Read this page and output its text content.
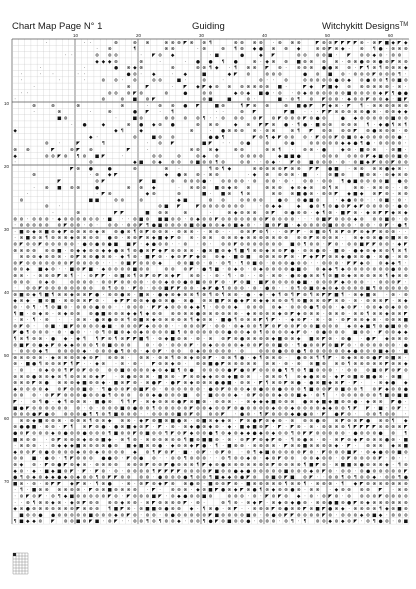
Chart Map Page N° 1	Guiding	Witchykitt Designs™
10	20	30	40	50	60
10
20
30
40
50
60
70
·	· ·	⊗	⊗ ⊗	⊗ ⊗ ⊗ ◤ ⊗ ⊗ ¶	⊗ ⊗ ⊗ ⊗ · ⊗ ⊗ ⊗	◤ ⊗ ⊗ ◤ ◤ ◤ ◤ ⊗ · ⊗ ◤ ■ ◆ ◤ ◆
· ⊗	¶	⊗ ⊗	· ⊗	⊗ ¶ ⊗ ◆ ● ⊗ ⊗ ◆	⊗ ⊗ ◤ ⊗ ◆ · ⊗ ¶ ● · ⊗ ⊗ ⊗
· ·	⊗ ⊗ ⊗	· ◤ ⊗ ◆	· ■	●	◆ ◤	⊗ ⊗ ⊗ ⊗ ■ · ◤ ⊗ ⊗ ◆ ⊗ · ⊗ ⊗
◆ ◆ ◆ ⊗	⊗	·	· ● ● ¶ ●	⊗ · ◆ ⊗ ⊗ ■ ⊗ ⊗ ⊗ ⊗ · ⊗ ⊗ ● ⊗ ⊗ ● ⊗ ◤ ⊗ ⊗
·	·	● ⊗ ◆ ⊗	⊗	⊗ ⊗ ¶ ◆ · ¶ ⊗ ⊗ ◤ ⊗ · ⊗ ⊗ ⊗ ● ● ⊗ ⊗ · ◤ ¶ ⊗ ¶ ⊗ ⊗ ⊗ ◆
·	· ·	· ·	● ⊗ · ◆	· ◆	■	◆ ◤ ⊗	⊗ ⊗ ⊗	● ⊗ ■ ⊗ · ⊗ ⊗ ⊗ ◤ ⊗ ⊗ ⊗ ¶ ·
·	·	·	⊗ ⊗ · ⊗	⊗ ⊗	■ ·	⊗	·	⊗ · · ⊗	⊗ ⊗ ⊗ ⊗ ⊗ ● ⊗ ◆ ⊗ ● ⊗ ⊗ ¶ ⊗ ■ ⊗
·	⊗	◤	· ◤ ◆ ◤ ◆ ⊗ ⊗ ⊗ ⊗ ⊗ ⊗ ⊗ ■ ·	◤ ◆ ◤ ■ ◆ ⊗ ⊗ ⊗ ⊗ ⊗ ⊗ · ⊗ ·
· ·	⊗ ⊗ ⊗ ◤ ⊗	⊗	●	⊗ ⊗	◆ ⊗ ◆ ■ ● · ⊗ · ⊗ ◆ ⊗ ⊗ ⊗ ⊗ ⊗ ⊗ ■ ⊗ ⊗ ⊗ ⊗ ◆ ◤ ¶ ● ●
·	⊗	⊗ ■ ⊗ ◤	⊗ ■	■	⊗ ·	■ · ⊗ ¶ ⊗ ◤ ⊗ ⊗ · ◆ ⊗ ⊗ ◤ ⊗ ⊗ ◆ · ■ ◤
⊗	⊗	⊗	⊗	· ⊗ ⊗ ● ◤	■ ⊗	¶ ◤ ⊗ ⊗	⊗ ■ ● ◤ ◤ ◆ ⊗ · ◤ ¶ · ⊗ ⊗ ⊗ ⊗ ⊗ ⊗
·	⊗	·	⊗	● ◤ · ¶	· ·	⊗ ◤	◤ ■ · · · ◤ ◤ ⊗ ⊗ ⊗ ⊗ ⊗ ● ⊗ · ⊗ ⊗ ◆ ◆
■ ⊗	·	■ ⊗	⊗ ⊗ ⊗ ⊗ ¶ · · ⊗ ⊗ ⊗ ⊗ ◤ ⊗ ◤ ⊗ ⊗ ⊗ ◤ ⊗ ● ⊗	● ◆ ⊗ ⊗ ⊗ ⊗ ⊗ ■ ⊗ ⊗
· ●	◆	⊗ ● ◆ ⊗ ●	⊗ ⊗ ⊗	◆ ⊗ ◤ ◤ ⊗ ● · ¶ ● · ■ ⊗ ⊗ ⊗ ⊗ ⊗ ¶ · ◆ ● ¶ ⊗ ¶
◆	◆ ¶	◆	⊗	· ● ⊗ ⊗ ⊗ ⊗ · ⊗ ⊗	⊗ ¶ ◤ ⊗ ⊗ ⊗ ⊗ ◤ ⊗ ● ⊗ ⊗ ⊗ · ⊗
◆ ·	⊗	■ ⊗ ⊗	● ● ¶	◤ ⊗ ¶ ◆ ◤ ⊗ ⊗ ⊗ · ◤ ⊗ ⊗ ◤ ⊗ ■ ⊗ ◆ ⊗ ⊗ ⊗ ⊗ ⊗ ● ·
⊗ ·	◤	¶	· ⊗ ◤	■ ◤ · · ⊗ ●	⊗	⊗ ●	⊗ ⊗ ⊗ ⊗ ⊗ ◆ ◆ ● ¶ ● · ⊗ ⊗ ⊗ ⊗ ·
⊗ ⊗	◤	⊗ ◤ ⊗	◤	·	⊗ ⊗ ⊗ ◆	⊗ ⊗	⊗ ⊗ ¶ · ⊗ ⊗ · ●	◆ ⊗ · ■ ⊗ ⊗ · ⊗ ■ ·
◆	⊗ ⊗ ◤ ⊗ ¶ ⊗ ■ ◤	·	⊗ ⊗	⊗	⊗ ◆ ⊗	⊗ ⊗ ⊗ ⊗	◆ ■ ■ ●	⊗ ⊗ ⊗ ⊗ ⊗ ⊗ ◤ ◆ ■ ⊗ ⊗ ■ ⊗
·	⊗	◆ ■ ⊗ ◆ ⊗ ⊗ ⊗ ■ ⊗ ⊗ ¶ ⊗	⊗ ⊗ · · ⊗ ◆ · ◤ ⊗ ■ ⊗ ⊗ ⊗ · ⊗ · ⊗ ■ ◆ ◤ ⊗ ⊗ ◤ ⊗ ⊗
◤ ⊗ ●	●	⊗	⊗ ·	¶ ⊗ ¶ ◆	⊗ ⊗ ⊗ ⊗ ⊗ ◤ ⊗ ⊗ ◤ ◤ ● ■ · ⊗ ⊗ ⊗ ⊗ ● ◆ ⊗ ·
⊗	· ⊗ ◆ ◤	◆ ● ⊗ ⊗ · ⊗ ⊗	· ◆ ⊗ ⊗ ⊗ ⊗ · ■ · ⊗ ■ ⊗	■ ⊗ ⊗ · ⊗ ◆ ⊗ ⊗
◤	⊗ ◤	◤ ■	⊗ ⊗ ⊗ ⊗ ● · ⊗ ⊗ ⊗ ⊗ · ⊗ ⊗ ⊗ · ⊗ · ⊗ ⊗ · ⊗ ⊗ ¶ ● ■ ⊗ ⊗ ⊗ ⊗ ■ ● ⊗
· ⊗ ■ ⊗ ⊗	●	⊗ ⊗ ◆	· ⊗ ⊗ ⊗ ■ ⊗ ◆ ⊗ ⊗	⊗ ⊗ ⊗ ◆ ⊗ ◆ ⊗ ⊗ ¶ ⊗	⊗ ⊗ · ⊗ ⊗ ⊗ · · ⊗
·	· ◤ ⊗	◆ ⊗	⊗	■ · ■ ⊗ ¶ ⊗	⊗ ⊗ ⊗ ■ ● ⊗ · ⊗ ⊗ ◤ ◆ ■ ◆ ⊗ ◤ ⊗ · ⊗ ⊗
⊗	■ ■	⊗ ⊗	⊗	◆ ■	⊗ ⊗	⊗ ⊗ ⊗ ⊗	● ⊗ ⊗ ● ■ ⊗	· ◆ ● ⊗ ⊗ · · ⊗ ■ · ⊗ ·
⊗ ·	⊗ ■ ◤	◤ ⊗ ⊗ ⊗ ⊗ ⊗ ⊗ ⊗	· ⊗ ◆ ◆	◆ ● ⊗ ¶ ⊗ ● ⊗ ◤ ◆ ◤ ⊗ ⊗ ⊗ ⊗ · ● ⊗
·	⊗	◤ ◤	■ ⊗ ⊗	⊗	·	⊗ ◆ ⊗ ⊗ ⊗ ⊗ ◤ ⊗ ● ⊗ ⊗ · ◆ ¶ ⊗ · ■ ◤ ⊗ · ◆ ⊗ ◤ ◤ ◆ ⊗ ◆
⊗ ⊗ · ⊗ ⊗ ⊗ · ◆ ⊗ ⊗ ⊗ ⊗ ⊗ ⊗ · ■ · · ⊗ ■ ⊗ ■ ■ ⊗ ⊗ · ⊗ ◆ ⊗ ⊗ ◤ ⊗ ⊗ ⊗ ⊗ ⊗ ⊗ ⊗ ◤ ⊗ ⊗ ⊗ ⊗ · · · ⊗ ■ ◤ ⊗ ⊗ ⊗ ◆ ⊗ ⊗ ⊗ ■ ⊗ · ⊗
· ⊗ ⊗ ⊗ ⊗ ⊗ ⊗ ◤ ⊗ ⊗ · ⊗ · ⊗ ⊗ · ⊗ ⊗ ◤ ¶ ● ■ ⊗ ⊗ ⊗ ⊗ ■ ⊗ ● ⊗ ⊗ ◆ ⊗ ■ ◆ ⊗ · · ■ ⊗ ◤ ■ · ◆ ⊗ ⊗ ⊗ ⊗ ■ ⊗ ⊗ ⊗ · ⊗ ⊗ · ⊗ ◤ · ● ¶
· ■ ⊗ ◆ ⊗ ■ ⊗ ◆ ◤ ⊗ ⊗ ⊗ ⊗ ◆ ⊗ ⊗ ● ⊗ ¶ ⊗ ◤ ⊗ ⊗ ⊗ · ⊗ ⊗ ⊗ · · ⊗ ⊗ · · ⊗ ⊗ ◤ ⊗ ¶ · · ⊗ ◤ ◤ · ⊗ ■ ⊗ ¶ ⊗ ◤ ⊗ ◤ ⊗ ◆ ◤ ⊗ ⊗ ⊗ · ·
· ⊗ ■ ⊗ ⊗ ¶ ⊗ ⊗ ⊗ ◆ ⊗ ⊗ ⊗ ⊗ ● ⊗ · ⊗ ⊗ ◤ ⊗ ◆ ■ ◆ ◤ ⊗ ⊗ · ⊗ ⊗ ⊗ ⊗ ⊗ ◆ ⊗ ⊗ ⊗ ⊗ ⊗ ⊗ ⊗ ⊗ ⊗ ◤ ⊗ ⊗ ⊗ ⊗ · ⊗ ◆ ⊗ ⊗ ● ⊗ ■ ⊗ ⊗
⊗ ◤ ⊗ ⊗ ◤ ⊗ ⊗ ⊗ ⊗ ⊗ · ● ⊗ ● ⊗ ● ■ ■ ◤ · ◆ ● ⊗ ⊗ · · ⊗ · ⊗ · ⊗ ⊗ ◤ ⊗ ⊗ ⊗ ⊗ ⊗ ⊗ ⊗ ■ ⊗ ¶ ⊗ ⊗ · ◤ ⊗ · ⊗ ⊗ ■ ◤ ◤ ⊗ ⊗ · ◆ ◤
⊗ ⊗ ⊗ ⊗ ⊗ ⊗ ■ · ⊗ ◆ ◆ ⊗ ⊗ ◆ ◆ ● ⊗ ¶ ⊗ ● ⊗ ◤ ◆ ◤ ⊗ ⊗ ⊗ ⊗ · ● ⊗ ■ ⊗ ◆ ¶ ■ ¶ ⊗ ⊗ ◆ ⊗ ⊗ ◤ ● · ⊗ ⊗ ● ⊗ · ■ ⊗ · ● ◆ ⊗ ◆ ⊗ ⊗ ¶ ⊗ ¶
⊗ ⊗ ⊗ ◆ ⊗ ⊗ ⊗ · ⊗ ◤ ⊗ ⊗ ● ⊗ ⊗ · ◆ ¶ ⊗ · ■ ◤ ⊗ · ◆ ⊗ ◤ ◤ ◆ ⊗ ⊗ ◆ · ■ ⊗ ■ ⊗ ⊗ ⊗ ⊗ ◤ ⊗ · ◤ ◆ ◤ ◤ ⊗ ⊗ ◆ ● ⊗ ⊗ ● · ⊗ ● · ⊗ ⊗
⊗ ◤ ⊗ ⊗ ⊗ ⊗ ⊗ ⊗ ⊗ ◤ ⊗ ⊗ ⊗ ⊗ · · · ⊗ ■ ◤ ⊗ ⊗ ⊗ ◆	⊗ ⊗ ■ ⊗ · ⊗ · ⊗ ¶ · ¶ ⊗ ■ ⊗ · ⊗ ⊗ ⊗ ● ⊗ ⊗ · · ⊗ ⊗ ⊗ · ◤ ◤ ◆ ⊗ ⊗ ◆ ◆ ¶ ·
⊗ ⊗ ◆ ■ ◆ ⊗ · · ■ ⊗ ◤ ■ · ◆ ⊗ ⊗ ⊗ ⊗ ■ ⊗ ⊗	⊗ ⊗ ⊗ ◤ · ● ¶ ■ · ⊗ ◆ ⊗ · ⊗ ◆ ⊗ ⊗ ⊗ ⊗ ● ■ ⊗ ⊗ ◆ ◆ ¶ ◆ ⊗ ⊗ ⊗ ⊗ ⊗ ⊗ ⊗ ● ⊗ ⊗
⊗ ⊗ · · ⊗ ⊗ ⊗ ◤ ⊗ ¶ · · ⊗ ◤ ◤ · ⊗ ■ ⊗ ¶ ⊗ ◤ ⊗ ◤ ⊗ ◆ ◤ ⊗ ⊗ · · ⊗ · ¶ · ⊗ · · ⊗ · ⊗ ⊗ · ● ⊗ ● ⊗ ⊗ ¶ ⊗ ■ ⊗ ◆ ⊗ ⊗ ⊗ ⊗ ⊗ ¶ ◆ ⊗ ⊗
⊗ ⊗ ⊗ ⊗ ◆ ⊗	⊗ ⊗ ⊗ ⊗ · ⊗ ⊗ ◤ ⊗ ⊗ ⊗ ⊗ · ⊗ ⊗ ◆ ⊗ ⊗ ● ⊗ ■ ⊗ ⊗ ◤ ⊗ · ◤ ⊗ ■ · ■ ◤ ⊗ ⊗ ⊗ ⊗ ● ■ · ⊗ ⊗ ⊗ ◤ ◆ ⊗ ⊗ ⊗ · · ⊗ ⊗ ⊗ ◤ ·
· ⊗ ⊗ ◤ ⊗ ⊗ ⊗ ⊗ ⊗ ⊗ ⊗ ⊗ ⊗ ¶ ⊗ ⊗ · ◤ ⊗ · ⊗ ⊗ ■ ◤ ◤ ⊗ ⊗ · ◆ ◤ ● ¶ ⊗ ⊗ ⊗ · ⊗ · ● ⊗ · · ⊗ ¶ ⊗ ■ ⊗ ◆ ⊗ ◆ ⊗ ⊗ ⊗ ⊗ ■ ¶ ⊗ ⊗ ⊗ ⊗ ⊗
⊗ ■ ⊗ ◆ ¶ ■ ¶ ⊗ ⊗ ◆ ⊗ ⊗ ◤ ● · ⊗ ⊗ ● ⊗ · ■ ⊗ · ● ◆ ⊗ ◆ ⊗ ⊗ ¶ ⊗ ¶ ⊗ ¶ ⊗ ⊗ · ● · ◆ · ◆ ¶ ⊗ ¶ ◤ ⊗ ¶ ⊗ ◤ ◤ ■ ¶ · ⊗ ◆ ■ ⊗ · ⊗ · ⊗
◆ ⊗ ◆ · ■ ⊗ ■ · ⊗ ⊗ ⊗ ⊗ ◤ ⊗ · ◆ ◤ ◤ ⊗ ⊗ ◆ ● ⊗ ⊗ ● · ⊗ ● ⊗ ⊗ ■ ◤ ⊗ ● ◆ ◤ ⊗ ◆ ◆ ⊗ ⊗ ⊗ ¶ ⊗ ■ ⊗ ⊗ ⊗ ◤ ⊗ ⊗ · ⊗ · ⊗ ⊗ ⊗ ◤ · ⊗ ◆
⊗ · ⊗ ¶ · ¶ ⊗ ■ ⊗ · ⊗ ⊗ ⊗ ● ⊗ ⊗ · · ⊗ ⊗ ⊗ · ◤ ◤ ◆ ⊗ ⊗ ⊗ ◆ ◆ ¶ · ⊗ ⊗ ⊗ ◆ ⊗ ⊗ ⊗ ⊗ ◆ · ⊗ ⊗ ⊗ ● ¶ ⊗ ⊗ · ◆ ⊗ ◤ · ⊗ ⊗ ◆ ⊗ ◆ ⊗ ⊗
¶ ■ · ⊗ ◆ ⊗ · ⊗ ◆ ⊗ ⊗ ⊗ ● ■ ⊗ ⊗ ⊗ ◆ ◆ ¶ ◆ ⊗ ⊗ ⊗ ⊗ ⊗ ⊗ ● ⊗ ⊗ ⊗ ⊗ ⊗ ⊗ · ◆ ⊗ ⊗ ⊗ ⊗ ◆ ⊗ ◤ ◆ ⊗ ⊗ ⊗ · ⊗ ⊗ ⊗ · ⊗ ⊗ ¶ ⊗ ⊗ ◆ ⊗ ⊗ ◤
· ⊗ · ¶ · ⊗ · · ⊗ ⊗ · ● ⊗ ● ⊗ ⊗ ¶ ⊗ ■ ⊗ ◆ ⊗ ⊗ ⊗ ⊗ ⊗ ¶ ◆ ⊗ ⊗ · ■ ● ¶ ⊗ ⊗ ⊗ ◤ ¶ ◤ · · ◆ ⊗ ◤ · ⊗ · ⊗ · ⊗ ◤ ⊗ ⊗ ◆ ⊗ · ⊗ ⊗ ⊗ ■
⊗ ◤ ⊗ · ⊗ ■ · ■ ◤ ⊗ ⊗ ⊗ ⊗ ● ■ · ⊗ ⊗ ⊗ ◤ ◆ ⊗ ⊗ ⊗ · · ⊗ ⊗ ⊗ ◤ · ⊗ ⊗ · ⊗ ◆ ⊗ ⊗ ¶ ◤ ⊗ ◤ ⊗ ⊗ ◤ ⊗ ⊗ ■ ⊗ ⊗ ⊗ ◆ ⊗ ◆ ■ ¶ ⊗ ● ■ ⊗ ⊗
◤ ● ¶ ⊗ ⊗ ⊗ · ⊗ · ● ⊗ · · ⊗ ¶ ⊗ ■ ⊗ ◆ ⊗ ◆ ⊗ ⊗ ⊗ ⊗ ■ ¶ ⊗ ⊗ ⊗ ⊗ ⊗ ⊗ ⊗ ● ⊗ ⊗ ◆ ⊗ ¶ ⊗ ⊗ ⊗ ⊗ ◆ ◤ ⊗ · ⊗ ● ⊗ ⊗ ⊗ ■ ⊗ ⊗ · ◤ ⊗ ⊗ ◆ ◆
¶ ⊗ ¶ ⊗ ⊗ · ● ◆ · ◆ ¶ ¶ ◤ ⊗ ¶ ⊗ ◤ ◤ ■ ¶ · ⊗ ◆ ■ ⊗ ⊗ · ⊗ · ⊗ ⊗ ◤ ⊗ ● ⊗ ⊗ ⊗ ⊗ ◆ ■ ⊗ ⊗ ◆ ■ ⊗ ◤ ⊗ · ⊗ ● · ● ◤ ◆ ⊗ ⊗ ⊗
⊗ ■ ◤ ⊗ ● ◆ ◤ ⊗ ◆ ◆ ⊗ ⊗ ⊗ ¶ ⊗ ■ ⊗ ⊗ ⊗	⊗ · ⊗ · ⊗ ⊗ ⊗ ◤ · ⊗ ◆ ⊗ ⊗ ⊗ ⊗ ◆ ⊗ ⊗ ◤ ⊗ ⊗ ■ ⊗ · ¶ ● ⊗ ⊗ ◤ ⊗ ■ ◤ ⊗ · ⊗ ⊗ ⊗ ⊗ ⊗ ⊗ · ●
· ⊗ ⊗ ⊗ ◆ ¶ ⊗ ⊗ ⊗ ⊗ ◆ · ⊗ ⊗ ⊗ ● ¶ ⊗ ⊗ · ◆ ⊗ ◤ · ⊗ ⊗ ⊗ ◆ ⊗ ⊗ ⊗ ⊗ ⊗ · ⊗	⊗ ⊗ ⊗ ● ⊗ ⊗ ● ¶ ⊗ ⊗ ⊗ ⊗ ⊗ ⊗ ◆ ● ⊗ ⊗ ⊗ ■ ◆ ⊗ · ■
⊗ ⊗ ⊗ ⊗ ⊗ · ◆ ⊗ ⊗ ⊗ ⊗ ◆ ⊗ ◤ ⊗ ⊗ ⊗ · ⊗ ⊗ · ⊗ ⊗ ¶ ⊗ ⊗ ◆ ⊗ ⊗ ◤ · ⊗ ⊗ ¶ ● · ◆ ¶ ⊗ ⊗ ⊗ · ● ⊗ ⊗ ¶ ¶ ◤ · ⊗ ◆ ⊗ ⊗ ⊗ ● ◤ ⊗ ■ ⊗ ·
⊗ · ■ ● ¶ ⊗ ⊗ ⊗ ◤ ¶ ◤ · · ◆ ⊗ · ⊗ · ⊗ · ◤ ⊗ ⊗ ◆ ⊗ · ⊗ ⊗ ■ ● ◤ ⊗ ⊗ ⊗ ⊗ ⊗ ⊗ ⊗ · ⊗ · ⊗ ⊗ ■ ⊗ ⊗ ⊗ ¶ ⊗ ⊗ ⊗ ⊗ ⊗ ◤ ⊗ ⊗ ◆
· ⊗ · ⊗ ◆ ⊗ ⊗ ¶ ◤ ⊗ ◤ ⊗ ⊗ ⊗ ⊗ ■ ⊗ ⊗ ⊗ ⊗ ◆ ⊗ ◆ ■ ¶ ⊗ ● ⊗ ⊗ ⊗ ⊗ ● ◤ ● ⊗ ◤ ⊗ ⊗ ⊗ ● ¶ ¶ ⊗ ¶ ■ ⊗ ⊗ ⊗ · · ⊗ ⊗ ⊗ ■ ⊗ ◤ ⊗ ◤ ⊗
⊗ ⊗ ⊗ ● ⊗ ⊗ ◆ ⊗ ¶ ⊗ ⊗ ⊗ ⊗ ◆ ◤ · ⊗ ● ⊗ ⊗ ⊗ · ■ ⊗ ⊗ · ◤ ⊗ ⊗ ◆ ◆ ⊗ ⊗ ◆ ■ ⊗ ⊗ · ⊗ ⊗ ⊗ ¶ ⊗ ◆ ● ⊗ ⊗ · ◆ ◤ ⊗ ■ ⊗ ■ ● ⊗ · ⊗ ■
⊗ ⊗ ⊗ ◤ ⊗ ● ⊗ ⊗ ⊗ ◆ ■ ⊗ ⊗ ◆ · ■ ⊗ ◤ ⊗ · ⊗ ● ◤ · ● ◤ ⊗ ◆ ⊗ ⊗ ⊗ ● ● ■ · ⊗ ⊗ · ◤ ¶ ⊗ ⊗ ◤ ⊗ ● · ● ⊗ ■ ◆ ⊗ ◤ · ◤ · · ⊗ ◆ ● ◆
◆ ⊗ ⊗ ⊗ ⊗ ◆ ⊗ ◤ ⊗ ⊗ ■ ⊗ · ¶ ● ⊗ ⊗ ◤ ⊗ ■ ◤ ⊗ · ⊗ ⊗ ⊗ ⊗ ⊗ ⊗ · ● ⊗ ◤ ⊗ ⊗ ⊗ ◆ ⊗ ● ⊗ ⊗ ● ⊗ ⊗ ⊗ ¶ ■ ⊗ ⊗ ◤ ⊗ ■ ⊗ ⊗ ¶ ⊗ ◤ ◆ ⊗ ⊗ ●
⊗ ⊗ ⊗ · ⊗ ◤ ◤ ⊗ ⊗ ⊗ ● ⊗ ⊗ ● ¶ ⊗ ⊗ ⊗ ⊗ ⊗ ◆ ● ⊗ ⊗ ⊗ ■ ⊗ · ■ ⊗ ⊗ ⊗ ◆ · ⊗ ◤ ⊗ ⊗ ⊗ ◆ ⊗ ⊗ ■ ◆ · ⊗ ¶ · ⊗ ⊗ ⊗ ⊗ ⊗ ⊗ ¶ ■ ⊗ ■ ■
◤ · ⊗ ¶ ● · ◆ ¶ ⊗ ⊗ ⊗ · ■ ● ⊗ ¶ ¶ ◤ · ⊗ ◆ ⊗ ⊗ ⊗ ● ◤ ⊗ ■ ⊗ · ⊗ ⊗ ⊗ · · ⊗ ◆ ◆ ◆ ■ ⊗ ⊗ ⊗ ● ⊗ ◆ ■ ◆ ■ ⊗ ⊗ ● · ◆ ⊗ ⊗ ◤ ● ·
■ ● ◤ ⊗ ⊗ ⊗ ⊗ ⊗ ⊗ ⊗ · ⊗ · ⊗ ⊗ ⊗ ■ ⊗ ● ⊗ ⊗ ¶ ⊗ ⊗ ⊗ ⊗ ⊗ ◤ ⊗ ⊗ ◆ ⊗ ⊗ ◤ ⊗ ● ⊗ ⊗ ⊗ ⊗ ◆ ⊗ ⊗ ◆ ⊗ ⊗ ⊗ ⊗ ◆ ◆ ⊗ ⊗ ¶ ◤ ◤ · ■ · ⊗ ◤ ·
⊗ ⊗ ⊗ ● ◤ ● ⊗ ⊗ ⊗ ⊗ ● ¶ ¶ ⊗ ¶ ■ ⊗ ⊗ ⊗ · · ⊗ ⊗ ⊗ ⊗ ■ ⊗ ◤ ⊗ ⊗ ⊗ ◤ · ● ⊗ · ¶ ◤ ⊗ ⊗ ⊗ ◆ ● ● ⊗ · ◤ ● ◤ ⊗ · ⊗ ⊗ ¶ ⊗ ⊗ ·
⊗ ⊗ ◆ ■ ⊗ ⊗ ⊗ · ⊗ ⊗ ⊗ ¶ ⊗ ⊗ ◆ ⊗ ⊗ · ◆ ◤ ⊗ ■ ⊗ ■ ● ⊗ · ⊗ ■ ⊗ ◆ ◆ ⊗ · ◤ ⊗ ● ◤ ⊗ ◆ ⊗ · ⊗ ⊗ ⊗ ● ⊗ ⊗ ◤ ⊗ ⊗ ◤ ● ⊗ ⊗ ¶ ◆
⊗ ● ● ■ · ⊗ ⊗ · ◤ ¶ ⊗ ◤ ⊗ ● · ● ⊗ ■ ◆ ⊗ ◤ · ◤ · ⊗ · ⊗ ◆ ● ⊗ ◆ ⊗ · ◆ · ■ ◆ ■ ⊗ ◤ · ◤ · ◤ ⊗ · ⊗ · ⊗ ⊗ ⊗ ⊗ ¶ ◤ ◤ ◤ ◤ ⊗ ⊗ ⊗ ⊗ ◤
● ⊗ ◤ ⊗ ⊗ ⊗ ◆ ⊗ ● ⊗ ⊗ ● ⊗ ⊗ ⊗ ¶ ■ ⊗ ⊗ ◤ ⊗ ■ ⊗ ⊗ ¶ ◤ ⊗ ◤ ◆ ⊗ ⊗ ● ¶ ⊗ ◆ ⊗ ◆ ◆ ● ◆ ⊗ ◆ ⊗ ⊗ ¶ ⊗ ◤ ◤ ⊗ ⊗ ⊗ ⊗ ⊗ · ● ⊗ ⊗ ⊗ ● ⊗ ¶
■ ⊗ ⊗ ⊗ · ⊗ ◤ ⊗ ⊗ ⊗ ◆ ⊗ ⊗ ■ ◆ · ⊗ ¶ ⊗ · ⊗ ⊗ ⊗ ⊗ ⊗ ⊗ ¶ ■ ⊗ ■ ■ ⊗ · ⊗ · ⊗ ◤ ◤ ⊗ ◆ ◤ ⊗ · ¶ ⊗ ● ⊗ · ⊗ · ⊗ ◤ ⊗ ◆ ◤ ⊗ ⊗ ⊗ ● ⊗ · ■
· ⊗ ⊗ ⊗ · · ⊗ ◆ ◆ ◆ ■ ⊗ ⊗ ⊗ ⊗ ● ⊗ ■ ◆ ■ ⊗ ⊗ ● · ◆ ⊗ ⊗ ◆ ◤ ● · ¶ · ■ ⊗ ⊗ · ⊗ ⊗ ⊗ ⊗ · ◤ ⊗ ⊗ ■ ⊗ ⊗ ⊗ ⊗ ◆ · ◤ · ⊗ ⊗ ⊗ ◆ ⊗ ■
◆ ⊗ ⊗ ◤ ⊗ ● ⊗ ⊗ ⊗ ⊗ ◆ ⊗ ⊗ ◆ ⊗ ⊗ ⊗ ⊗ ◆ ⊗ ¶ ◤ ⊗ ◤ · ■ · ⊗ ◤ · ⊗ ◤ ⊗ · ⊗ ¶ ◆ ■ ⊗ ⊗ ⊗ ⊗ ⊗ ◤ ⊗ · ◤ ⊗ ⊗ ⊗ ■ ◤ · ⊗ ◆ ● ⊗ ⊗ ■ ⊗
⊗ ⊗ ■ · ● ⊗ · ¶ ◤ ⊗ ⊗ ⊗ ● ● ⊗ · ◤ ⊗ ● ⊗ · · ⊗ ⊗ ¶ ⊗ ⊗ ⊗ · · ⊗ ¶ ⊗ ⊗ ◆ ⊗ · ◆ ⊗ ◤ ⊗ ⊗ ⊗ ⊗ ◆ ⊗ ⊗ · ⊗ ◤ ⊗ ⊗ ⊗ ⊗ ◤ · ⊗ · ·
⊗ ◆ ⊗ · ◤ ⊗ ● ◤ ⊗ ◆ ⊗ · ⊗ ⊗ ⊗ ⊗ ⊗ ⊗ ⊗ ◤ ⊗ ⊗ ◤ ● ⊗ ⊗ ⊗ ¶ ◤ ◆ ⊗ ● ⊗ ⊗ ⊗ ⊗ ⊗ ⊗ ⊗ ◤ ⊗ ⊗ ⊗ ⊗ ¶ ■ ◤ ⊗ · ⊗ ■ ■ ⊗ ● ⊗ ⊗ ⊗ ◆ · ¶ ⊗
◆ ⊗ · ◆ · ■ ◆ ■ ⊗ ◤ · ◤ · ◤ ⊗ · ⊗ · ⊗ ⊗ ⊗ ⊗ ¶ ◤ ◤ ◤ ◤ ⊗ ⊗ ⊗ ⊗ ◤ ■ ⊗ ⊗ ● ◆ ● ⊗ ⊗ ⊗ ⊗ ⊗ ■ ⊗ ⊗ ⊗ ◆ ⊗ ◤ ⊗ · ⊗ ⊗ · ⊗ ● ⊗ ⊗ ⊗ ⊗ ⊗ ◤
● ¶ ⊗ ◆ ⊗ ◆ ◆ ● ◆ ⊗ ◆ ⊗ ⊗ ¶ ⊗ ◤ ◤ ⊗ ⊗ ⊗ ⊗ · ● ⊗ ⊗ ⊗ ● ¶ ⊗ ⊗ ¶ ■ ◆ ◆ ⊗ ● ◤ ⊗ ⊗ ■ ⊗ ◤ ■ ⊗ ◤ · · ⊗ ⊗ ¶ ⊗ ¶ ⊗ ⊗ ◆ · ⊗ ⊗ ¶ ●
■ ⊗ · ⊗ · ⊗ ◤ ◤ ◆ ◤ ⊗ · ¶ ⊗ ● · ⊗ · ⊗ ◤ ⊗ ◆ ◤ ⊗ ⊗ ● ⊗ · ■ ⊗ ⊗ ◤ ⊗ · ■ ⊗ ⊗ ⊗ ⊗ ⊗ ¶ ⊗ ⊗ ¶ · ⊗ ⊗ ⊗ · ¶ ◆ ◤ ⊗ ⊗ ⊗ ⊗ ⊗ ⊗ ⊗
· ¶ · ■ ⊗ ⊗ ⊗ ⊗ ⊗ ⊗ · ◤ ⊗ ⊗ ■ ⊗ ⊗ ⊗ ⊗ · ◤ · ⊗ ⊗ ⊗ · ◆ ⊗ ■ ◤ ● ⊗ ◆ ◤ ⊗ ● ¶ ⊗ ◆ ⊗ ⊗ ● ⊗ · ⊗ ⊗ · ◆ ⊗ ⊗ ⊗ ⊗ ◤ · ⊗ ⊗
· ⊗ ◤ ⊗ ◤ · ⊗ ¶ ◆ ■ ⊗ ⊗ ⊗ ⊗ ⊗ ◤ ⊗ · ◤ ⊗ ⊗ ⊗ ■ ◤ · ⊗ ◆ ● ⊗ ⊗ ■ ⊗	⊗ ⊗ ⊗ · ⊗ · ◤ ⊗ ◤ ⊗ ◆ · ⊗ · ⊗ ◤ ⊗ · ⊗ ⊗ ⊗ ⊗ ◤ ⊗ ⊗ ⊗ ⊗
· · ⊗ ¶ ⊗ ⊗ ◆ ⊗ · ◆ ⊗ ◤ ⊗ ⊗ ⊗ ⊗ ◆ ⊗ ⊗ · ⊗ ◤ ⊗ ⊗ ⊗ ⊗ ◤ · ⊗ ·	⊗ ¶ ⊗ · ⊗ ◆ ◤ · ⊗ ◆ ⊗ ◆ ● ⊗ · ⊗ ⊗ ● ■ ⊗ ● ◤ ⊗ ◆ ⊗ ⊗ ⊗ ⊗ ⊗ ⊗
◆ ⊗ ● ⊗ ⊗ ⊗ ⊗ ⊗ ⊗ ⊗ ◤ ⊗ ⊗ ⊗ ¶ ■ ◤ ⊗ · ⊗ ■ ■ ⊗ ● ⊗ ⊗ ◆ · ¶ ⊗ ● · ⊗ ◤ · · ⊗ ⊗ ⊗ ◤ ⊗ ● ⊗ ⊗ ◤ ⊗ ■ ◤ ● ⊗ ◆ · ⊗ ⊗ ⊗ ⊗ ¶ ◆ ⊗ ■ ⊗
■ ⊗ ⊗ ● ● ⊗ ⊗ ⊗ ⊗ ⊗ ■ ⊗ ⊗ ⊗ ◆ ⊗ ◤ ⊗ · ⊗ ⊗ · ⊗ ● ⊗ ⊗ ⊗ ⊗ ⊗ ◤ ■ ⊗ ⊗ ⊗ ⊗ ■ ⊗ · ⊗ ● ⊗ ◤ ◤ ⊗ ⊗ ⊗ ⊗ ◤ ⊗ · ⊗ ⊗ ⊗ ◆ ⊗ ■ ◆ · ⊗ ⊗ ⊗
¶ ■ ◆ ◆ ⊗ ◤ ⊗ ⊗ ■ ⊗ ◤ ■ · ⊗ ◤ · · ⊗ ⊗ ¶ ⊗ ¶ ⊗ ⊗ ◆ · ⊗ ⊗ ¶ ● ◤ ⊗ ■ ⊗ ⊗ ● · ⊗ ⊗ ⊗ · ⊗ ¶ · ¶ ⊗ ⊗ ◆ ⊗ ◆ ⊗ ◤ · ⊗ ¶ ● ⊗ · ⊗ ■
